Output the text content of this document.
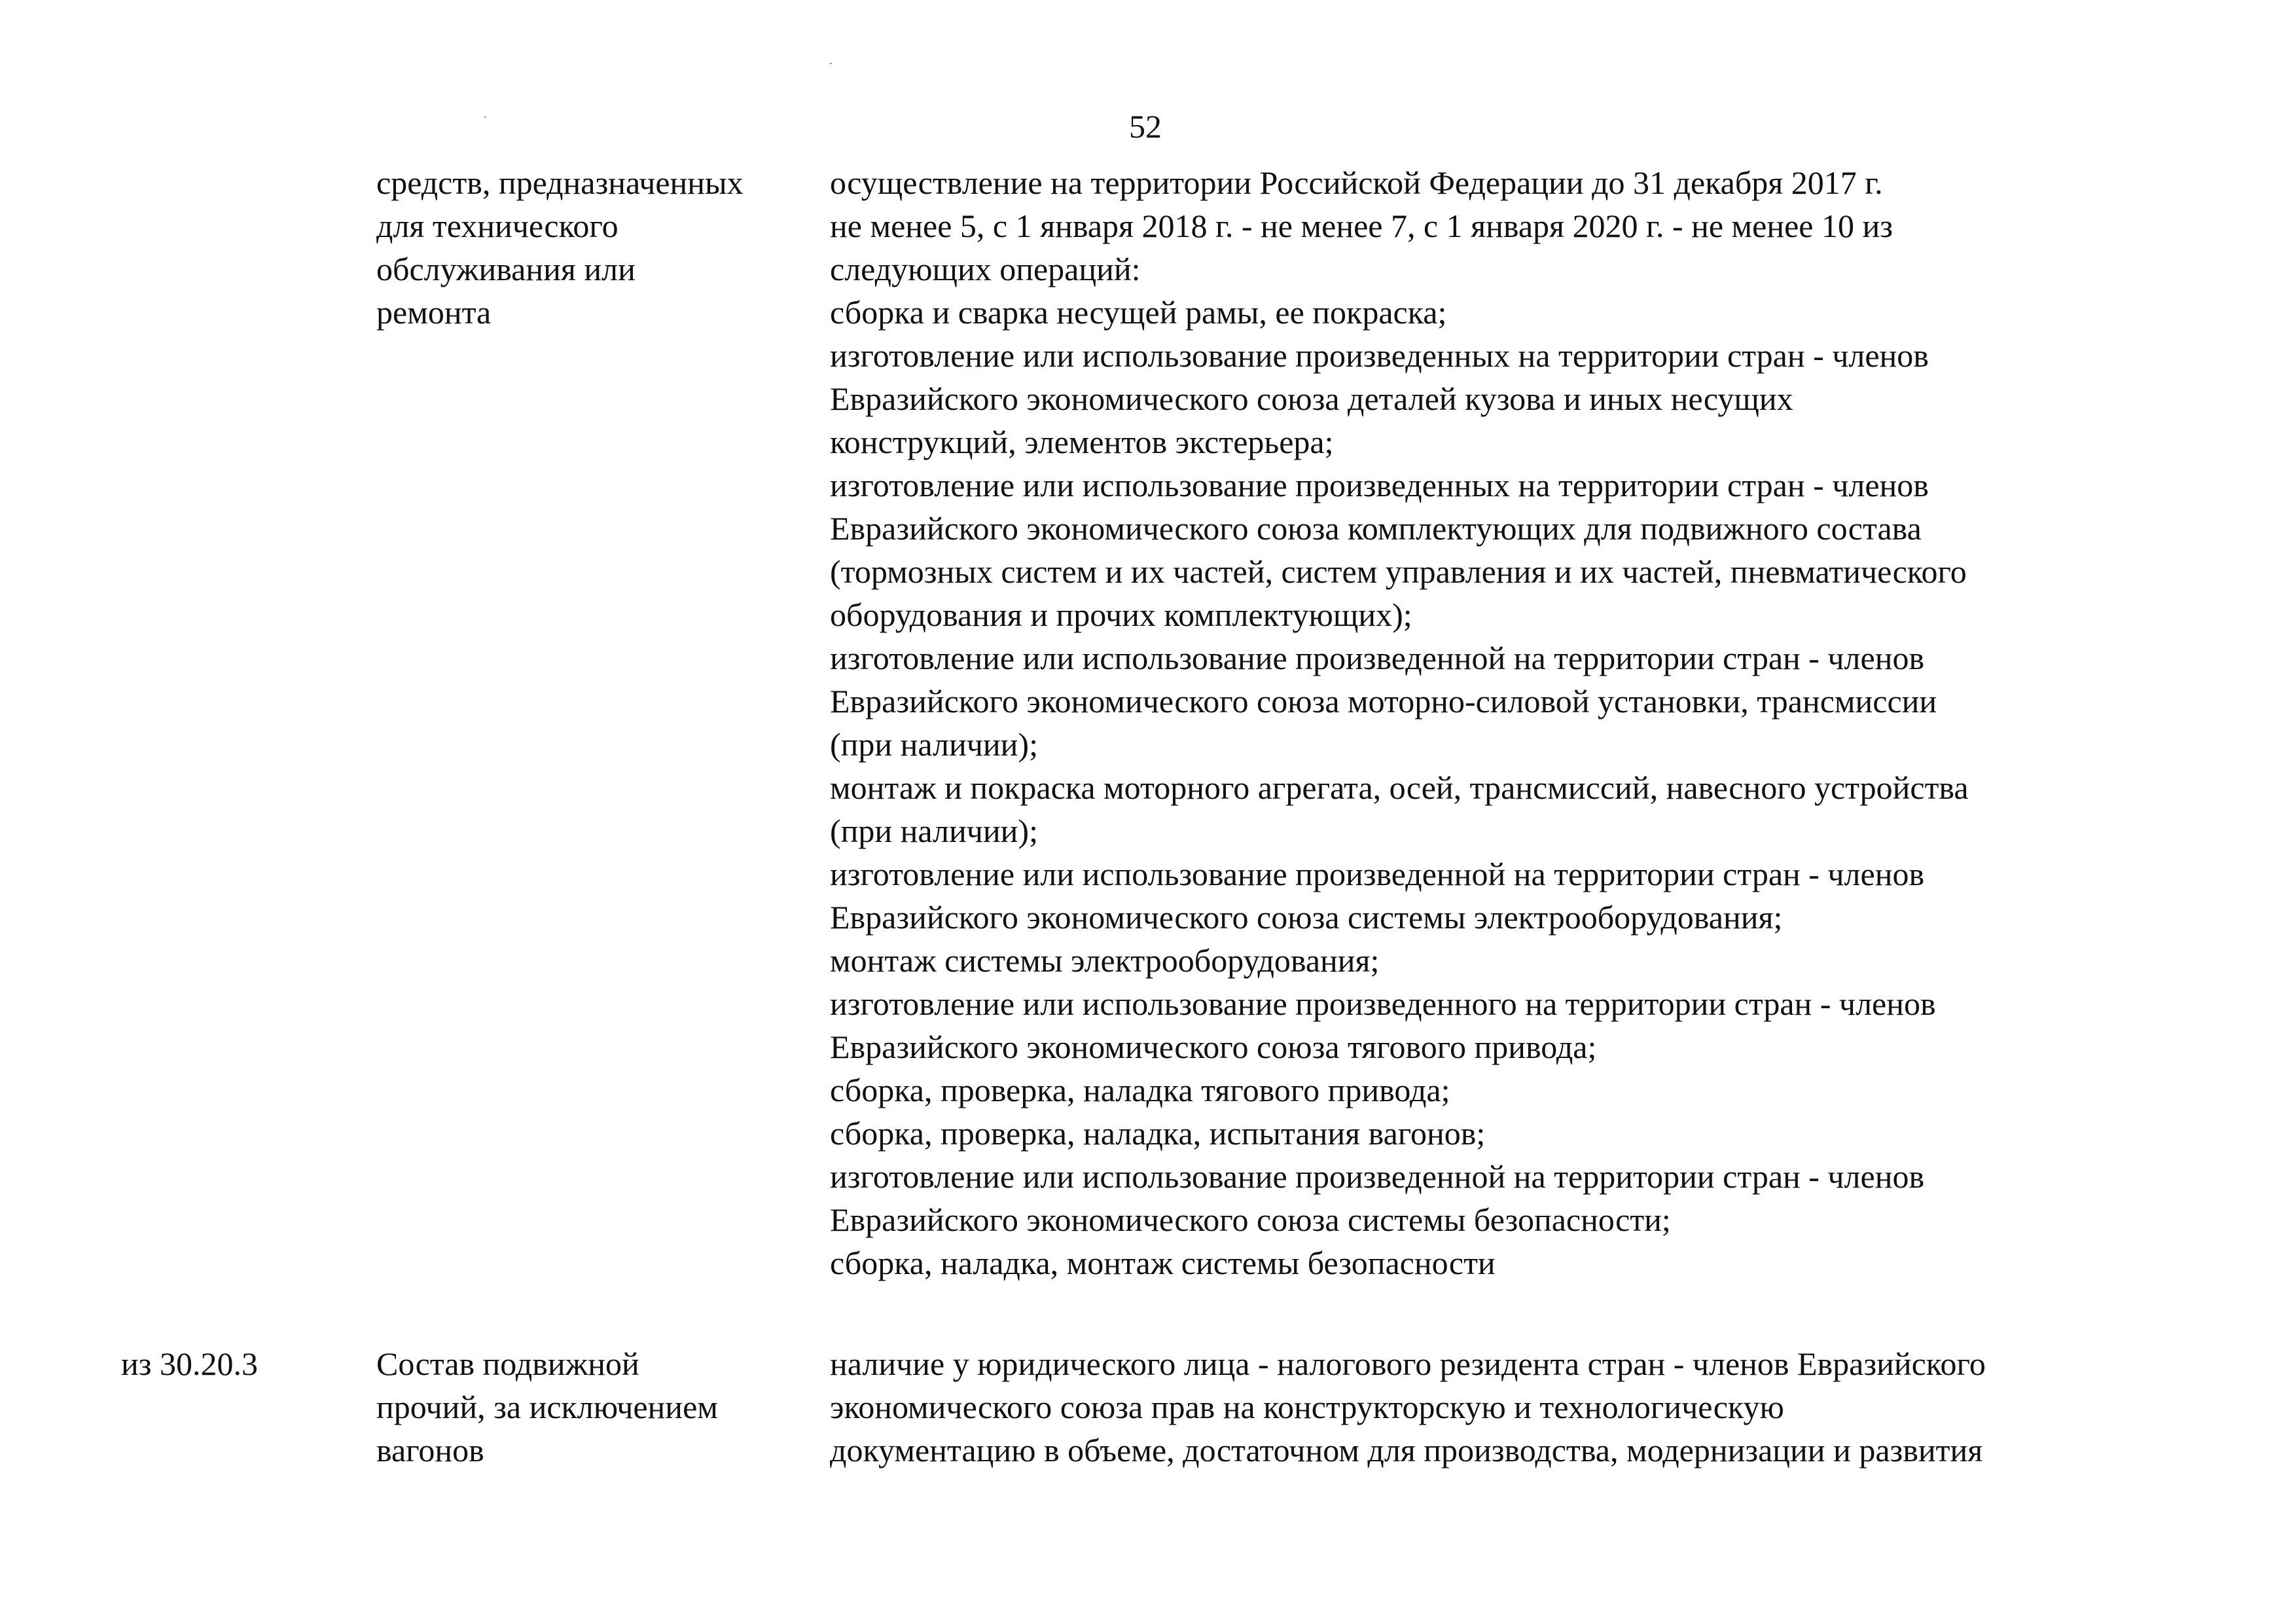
52
средств, предназначенных
для технического
обслуживания или
ремонта
осуществление на территории Российской Федерации до 31 декабря 2017 г.
не менее 5, с 1 января 2018 г. - не менее 7, с 1 января 2020 г. - не менее 10 из
следующих операций:
сборка и сварка несущей рамы, ее покраска;
изготовление или использование произведенных на территории стран - членов
Евразийского экономического союза деталей кузова и иных несущих
конструкций, элементов экстерьера;
изготовление или использование произведенных на территории стран - членов
Евразийского экономического союза комплектующих для подвижного состава
(тормозных систем и их частей, систем управления и их частей, пневматического
оборудования и прочих комплектующих);
изготовление или использование произведенной на территории стран - членов
Евразийского экономического союза моторно-силовой установки, трансмиссии
(при наличии);
монтаж и покраска моторного агрегата, осей, трансмиссий, навесного устройства
(при наличии);
изготовление или использование произведенной на территории стран - членов
Евразийского экономического союза системы электрооборудования;
монтаж системы электрооборудования;
изготовление или использование произведенного на территории стран - членов
Евразийского экономического союза тягового привода;
сборка, проверка, наладка тягового привода;
сборка, проверка, наладка, испытания вагонов;
изготовление или использование произведенной на территории стран - членов
Евразийского экономического союза системы безопасности;
сборка, наладка, монтаж системы безопасности
из 30.20.3	Состав подвижной
прочий, за исключением
вагонов
наличие у юридического лица - налогового резидента стран - членов Евразийского
экономического союза прав на конструкторскую и технологическую
документацию в объеме, достаточном для производства, модернизации и развития
